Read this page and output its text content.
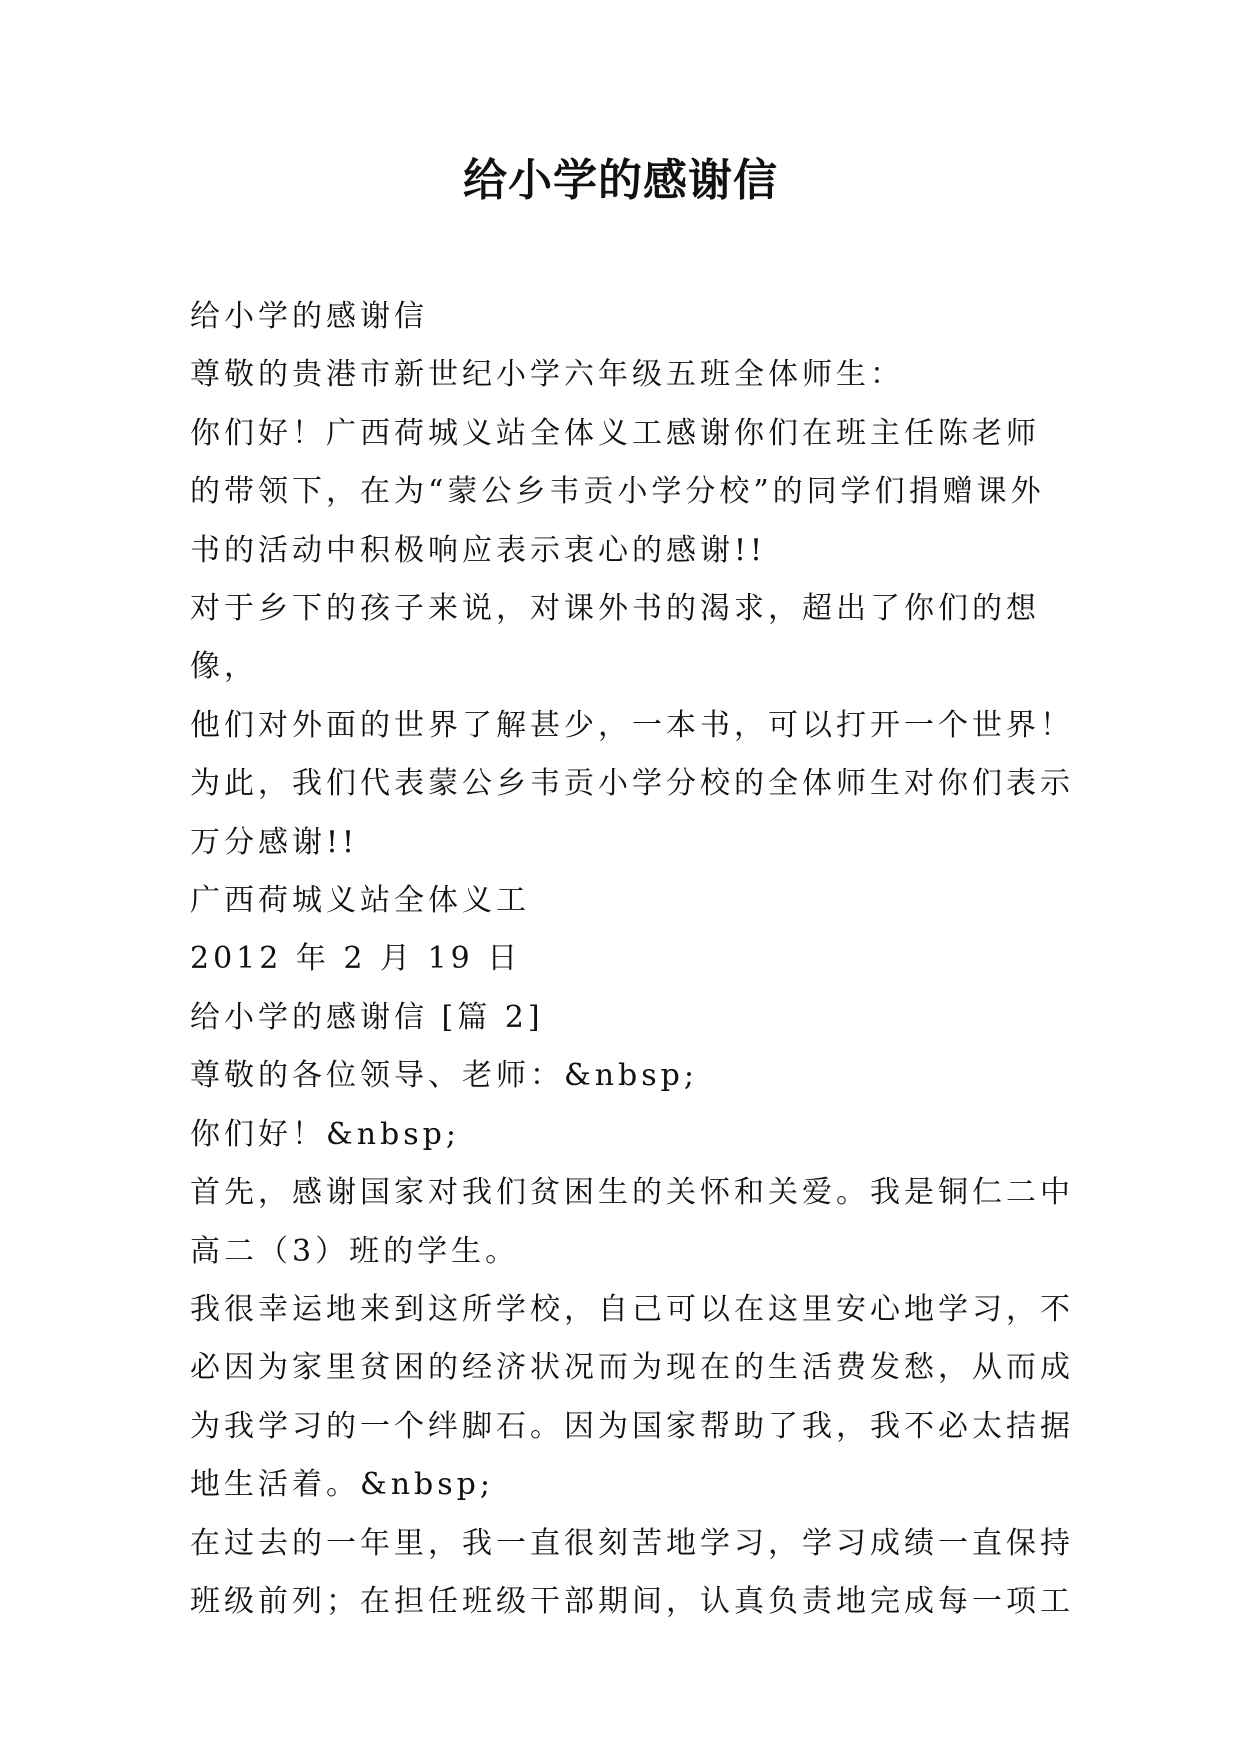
给小学的感谢信

给小学的感谢信

尊敬的贵港市新世纪小学六年级五班全体师生：

你们好！广西荷城义站全体义工感谢你们在班主任陈老师
的带领下，在为“蒙公乡韦贡小学分校”的同学们捐赠课外
书的活动中积极响应表示衷心的感谢!!

对于乡下的孩子来说，对课外书的渴求，超出了你们的想像，
他们对外面的世界了解甚少，一本书，可以打开一个世界！
为此，我们代表蒙公乡韦贡小学分校的全体师生对你们表示
万分感谢!!

广西荷城义站全体义工

2012 年 2 月 19 日

给小学的感谢信 [篇 2]

尊敬的各位领导、老师：&nbsp;

你们好！&nbsp;

首先，感谢国家对我们贫困生的关怀和关爱。我是铜仁二中
高二（3）班的学生。

我很幸运地来到这所学校，自己可以在这里安心地学习，不
必因为家里贫困的经济状况而为现在的生活费发愁，从而成
为我学习的一个绊脚石。因为国家帮助了我，我不必太拮据
地生活着。&nbsp;

在过去的一年里，我一直很刻苦地学习，学习成绩一直保持
班级前列；在担任班级干部期间，认真负责地完成每一项工
